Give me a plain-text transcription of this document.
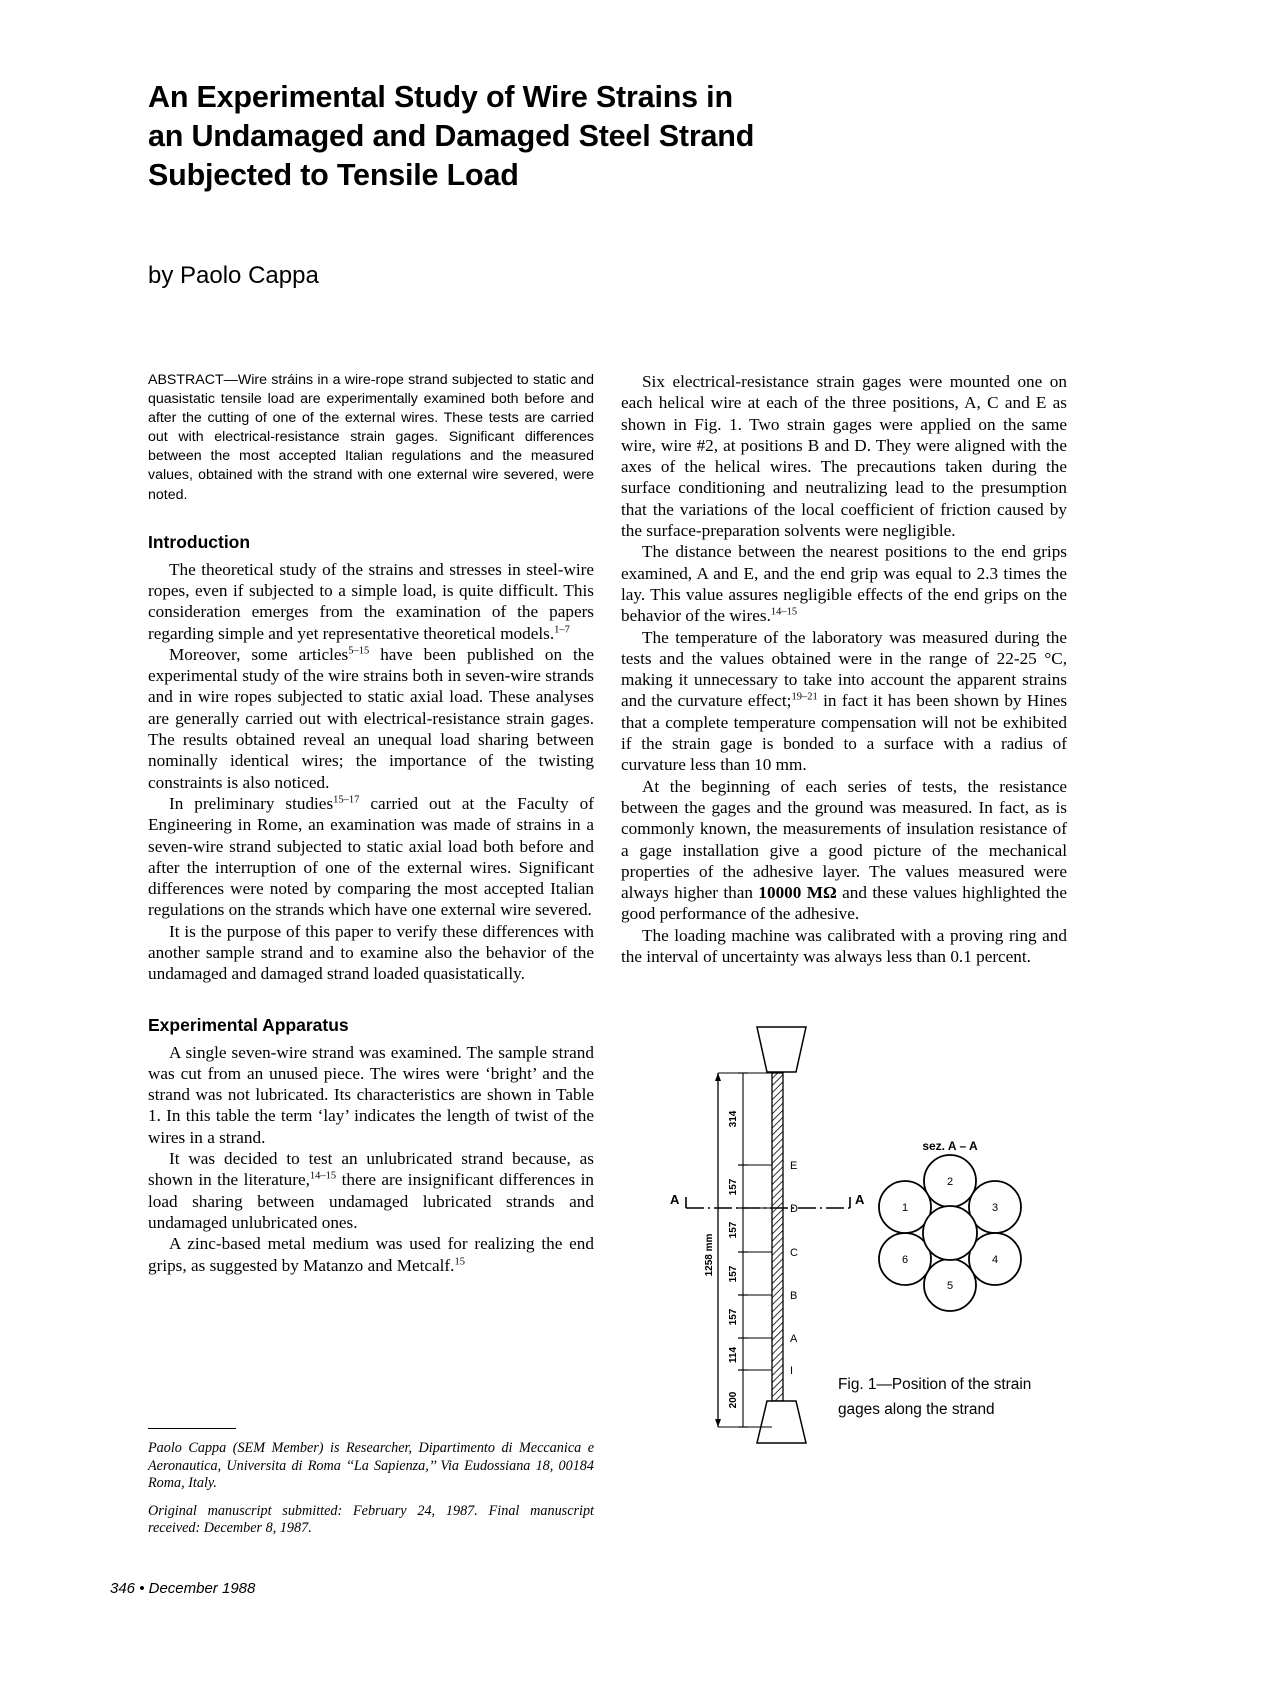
An Experimental Study of Wire Strains in
an Undamaged and Damaged Steel Strand
Subjected to Tensile Load
by Paolo Cappa

ABSTRACT—Wire stráins in a wire-rope strand subjected to static and quasistatic tensile load are experimentally examined both before and after the cutting of one of the external wires. These tests are carried out with electrical-resistance strain gages. Significant differences between the most accepted Italian regulations and the measured values, obtained with the strand with one external wire severed, were noted.

Introduction

The theoretical study of the strains and stresses in steel-wire ropes, even if subjected to a simple load, is quite difficult. This consideration emerges from the examination of the papers regarding simple and yet representative theoretical models.$^{1-7}$

Moreover, some articles$^{5-15}$ have been published on the experimental study of the wire strains both in seven-wire strands and in wire ropes subjected to static axial load. These analyses are generally carried out with electrical-resistance strain gages. The results obtained reveal an unequal load sharing between nominally identical wires; the importance of the twisting constraints is also noticed.

In preliminary studies$^{15-17}$ carried out at the Faculty of Engineering in Rome, an examination was made of strains in a seven-wire strand subjected to static axial load both before and after the interruption of one of the external wires. Significant differences were noted by comparing the most accepted Italian regulations on the strands which have one external wire severed.

It is the purpose of this paper to verify these differences with another sample strand and to examine also the behavior of the undamaged and damaged strand loaded quasistatically.

Experimental Apparatus

A single seven-wire strand was examined. The sample strand was cut from an unused piece. The wires were ‘bright’ and the strand was not lubricated. Its characteristics are shown in Table 1. In this table the term ‘lay’ indicates the length of twist of the wires in a strand.

It was decided to test an unlubricated strand because, as shown in the literature,$^{14-15}$ there are insignificant differences in load sharing between undamaged lubricated strands and undamaged unlubricated ones.

A zinc-based metal medium was used for realizing the end grips, as suggested by Matanzo and Metcalf.$^{15}$

Six electrical-resistance strain gages were mounted one on each helical wire at each of the three positions, A, C and E as shown in Fig. 1. Two strain gages were applied on the same wire, wire #2, at positions B and D. They were aligned with the axes of the helical wires. The precautions taken during the surface conditioning and neutralizing lead to the presumption that the variations of the local coefficient of friction caused by the surface-preparation solvents were negligible.

The distance between the nearest positions to the end grips examined, A and E, and the end grip was equal to 2.3 times the lay. This value assures negligible effects of the end grips on the behavior of the wires.$^{14-15}$

The temperature of the laboratory was measured during the tests and the values obtained were in the range of 22-25 °C, making it unnecessary to take into account the apparent strains and the curvature effect;$^{19-21}$ in fact it has been shown by Hines that a complete temperature compensation will not be exhibited if the strain gage is bonded to a surface with a radius of curvature less than 10 mm.

At the beginning of each series of tests, the resistance between the gages and the ground was measured. In fact, as is commonly known, the measurements of insulation resistance of a gage installation give a good picture of the mechanical properties of the adhesive layer. The values measured were always higher than 10000 MΩ and these values highlighted the good performance of the adhesive.

The loading machine was calibrated with a proving ring and the interval of uncertainty was always less than 0.1 percent.

1258 mm
314
157
157
157
157
114
200
E
D
C
B
A
I
A	A
sez. A – A
1
2
3
4
5
6
Fig. 1—Position of the strain gages along the strand

Paolo Cappa (SEM Member) is Researcher, Dipartimento di Meccanica e Aeronautica, Universita di Roma ‘‘La Sapienza,’’ Via Eudossiana 18, 00184 Roma, Italy.

Original manuscript submitted: February 24, 1987. Final manuscript received: December 8, 1987.

346 • December 1988
